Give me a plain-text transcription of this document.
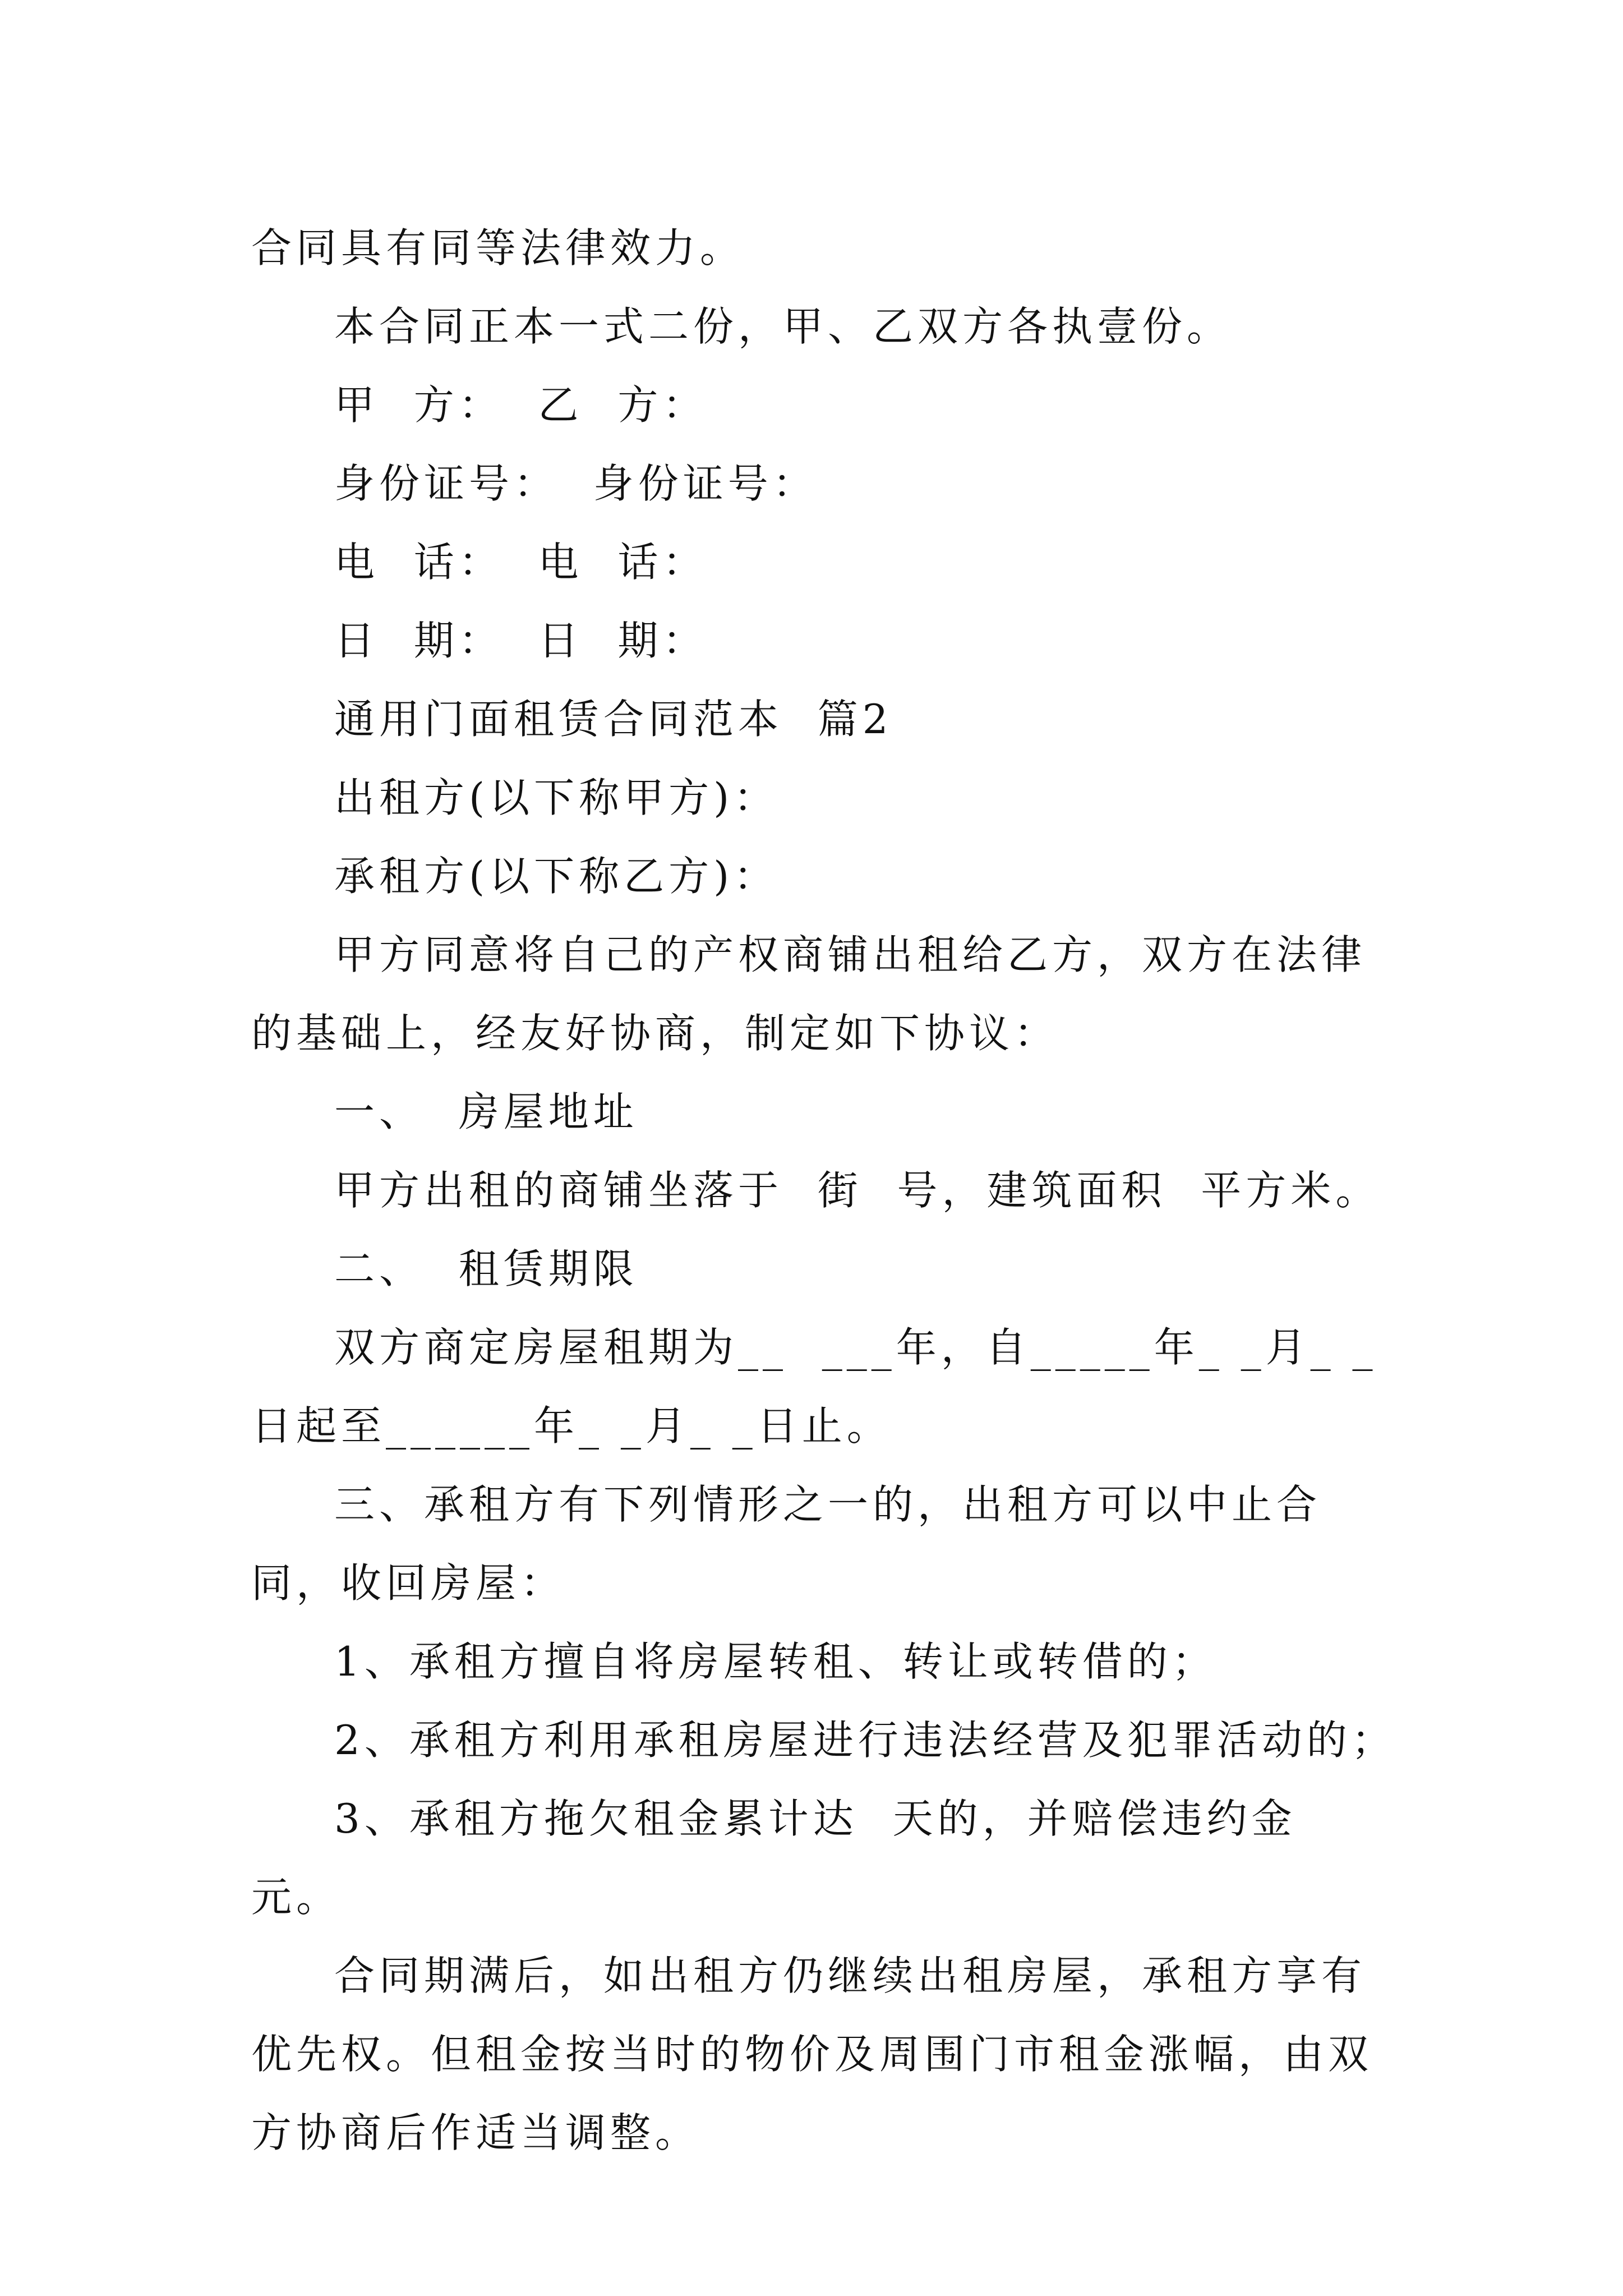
合同具有同等法律效力。

本合同正本一式二份，甲、乙双方各执壹份。

甲  方：  乙  方：

身份证号：  身份证号：

电  话：  电  话：

日  期：  日  期：

通用门面租赁合同范本  篇2

出租方(以下称甲方)：

承租方(以下称乙方)：

甲方同意将自己的产权商铺出租给乙方，双方在法律的基础上，经友好协商，制定如下协议：

一、  房屋地址

甲方出租的商铺坐落于  街  号，建筑面积  平方米。

二、  租赁期限

双方商定房屋租期为__  ___年，自_____年_ _月_ _日起至______年_ _月_ _日止。

三、承租方有下列情形之一的，出租方可以中止合同，收回房屋：

1、承租方擅自将房屋转租、转让或转借的；

2、承租方利用承租房屋进行违法经营及犯罪活动的；

3、承租方拖欠租金累计达  天的，并赔偿违约金  元。

合同期满后，如出租方仍继续出租房屋，承租方享有优先权。但租金按当时的物价及周围门市租金涨幅，由双方协商后作适当调整。
